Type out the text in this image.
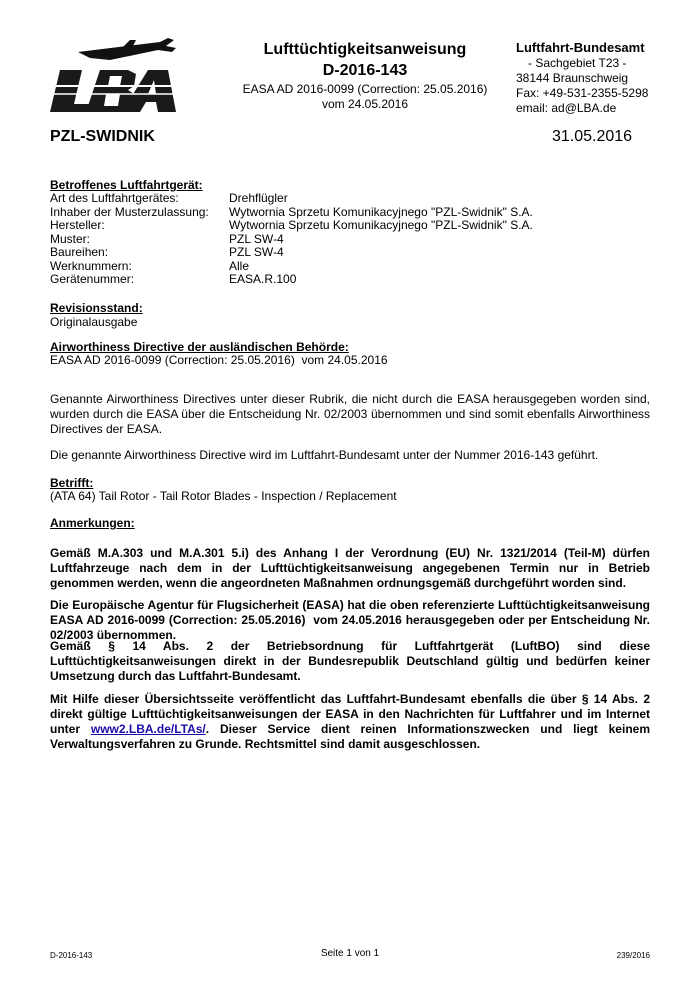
Lufttüchtigkeitsanweisung
D-2016-143
EASA AD 2016-0099 (Correction: 25.05.2016)
vom 24.05.2016
Luftfahrt-Bundesamt
- Sachgebiet T23 -
38144 Braunschweig
Fax: +49-531-2355-5298
email: ad@LBA.de
PZL-SWIDNIK	31.05.2016
Betroffenes Luftfahrtgerät:
Art des Luftfahrtgerätes:	Drehflügler
Inhaber der Musterzulassung:	Wytwornia Sprzetu Komunikacyjnego "PZL-Swidnik" S.A.
Hersteller:	Wytwornia Sprzetu Komunikacyjnego "PZL-Swidnik" S.A.
Muster:	PZL SW-4
Baureihen:	PZL SW-4
Werknummern:	Alle
Gerätenummer:	EASA.R.100
Revisionsstand:
Originalausgabe
Airworthiness Directive der ausländischen Behörde:
EASA AD 2016-0099 (Correction: 25.05.2016)  vom 24.05.2016
Genannte Airworthiness Directives unter dieser Rubrik, die nicht durch die EASA herausgegeben worden sind, wurden durch die EASA über die Entscheidung Nr. 02/2003 übernommen und sind somit ebenfalls Airworthiness Directives der EASA.
Die genannte Airworthiness Directive wird im Luftfahrt-Bundesamt unter der Nummer 2016-143 geführt.
Betrifft:
(ATA 64) Tail Rotor - Tail Rotor Blades - Inspection / Replacement
Anmerkungen:
Gemäß M.A.303 und M.A.301 5.i) des Anhang I der Verordnung (EU) Nr. 1321/2014 (Teil-M) dürfen Luftfahrzeuge nach dem in der Lufttüchtigkeitsanweisung angegebenen Termin nur in Betrieb genommen werden, wenn die angeordneten Maßnahmen ordnungsgemäß durchgeführt worden sind.
Die Europäische Agentur für Flugsicherheit (EASA) hat die oben referenzierte Lufttüchtigkeitsanweisung EASA AD 2016-0099 (Correction: 25.05.2016)  vom 24.05.2016 herausgegeben oder per Entscheidung Nr. 02/2003 übernommen.
Gemäß § 14 Abs. 2 der Betriebsordnung für Luftfahrtgerät (LuftBO) sind diese Lufttüchtigkeitsanweisungen direkt in der Bundesrepublik Deutschland gültig und bedürfen keiner Umsetzung durch das Luftfahrt-Bundesamt.
Mit Hilfe dieser Übersichtsseite veröffentlicht das Luftfahrt-Bundesamt ebenfalls die über § 14 Abs. 2 direkt gültige Lufttüchtigkeitsanweisungen der EASA in den Nachrichten für Luftfahrer und im Internet unter www2.LBA.de/LTAs/. Dieser Service dient reinen Informationszwecken und liegt keinem Verwaltungsverfahren zu Grunde. Rechtsmittel sind damit ausgeschlossen.
D-2016-143	Seite 1 von 1	239/2016
